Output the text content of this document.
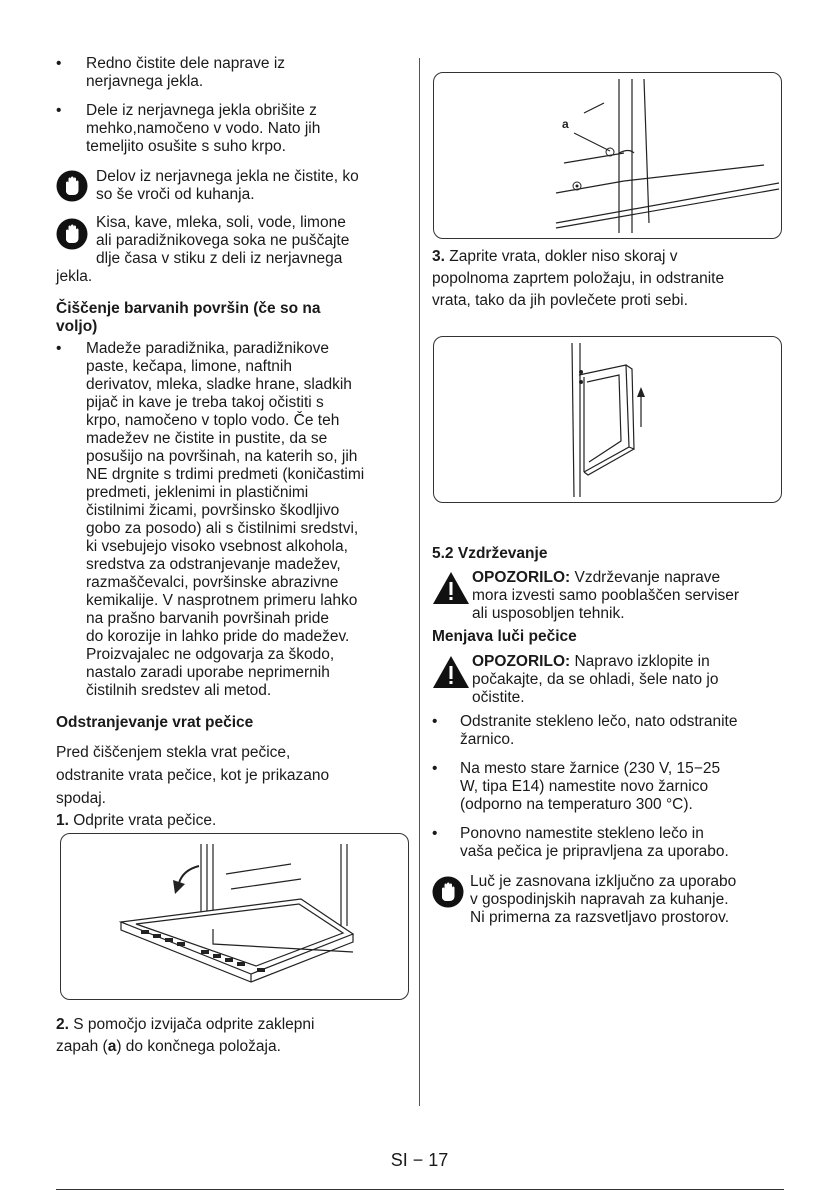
• Redno čistite dele naprave iz
nerjavnega jekla.
• Dele iz nerjavnega jekla obrišite z
mehko,namočeno v vodo. Nato jih
temeljito osušite s suho krpo.
Delov iz nerjavnega jekla ne čistite, ko
so še vroči od kuhanja.
Kisa, kave, mleka, soli, vode, limone
ali paradižnikovega soka ne puščajte
dlje časa v stiku z deli iz nerjavnega
jekla.
Čiščenje barvanih površin (če so na
voljo)
• Madeže paradižnika, paradižnikove
paste, kečapa, limone, naftnih
derivatov, mleka, sladke hrane, sladkih
pijač in kave je treba takoj očistiti s
krpo, namočeno v toplo vodo. Če teh
madežev ne čistite in pustite, da se
posušijo na površinah, na katerih so, jih
NE drgnite s trdimi predmeti (koničastimi
predmeti, jeklenimi in plastičnimi
čistilnimi žicami, površinsko škodljivo
gobo za posodo) ali s čistilnimi sredstvi,
ki vsebujejo visoko vsebnost alkohola,
sredstva za odstranjevanje madežev,
razmaščevalci, površinske abrazivne
kemikalije. V nasprotnem primeru lahko
na prašno barvanih površinah pride
do korozije in lahko pride do madežev.
Proizvajalec ne odgovarja za škodo,
nastalo zaradi uporabe neprimernih
čistilnih sredstev ali metod.
Odstranjevanje vrat pečice
Pred čiščenjem stekla vrat pečice,
odstranite vrata pečice, kot je prikazano
spodaj.
1. Odprite vrata pečice.
2. S pomočjo izvijača odprite zaklepni
zapah (a) do končnega položaja.
a
3. Zaprite vrata, dokler niso skoraj v
popolnoma zaprtem položaju, in odstranite
vrata, tako da jih povlečete proti sebi.
5.2 Vzdrževanje
OPOZORILO: Vzdrževanje naprave
mora izvesti samo pooblaščen serviser
ali usposobljen tehnik.
Menjava luči pečice
OPOZORILO: Napravo izklopite in
počakajte, da se ohladi, šele nato jo
očistite.
• Odstranite stekleno lečo, nato odstranite
žarnico.
• Na mesto stare žarnice (230 V, 15−25
W, tipa E14) namestite novo žarnico
(odporno na temperaturo 300 °C).
• Ponovno namestite stekleno lečo in
vaša pečica je pripravljena za uporabo.
Luč je zasnovana izključno za uporabo
v gospodinjskih napravah za kuhanje.
Ni primerna za razsvetljavo prostorov.
SI − 17
